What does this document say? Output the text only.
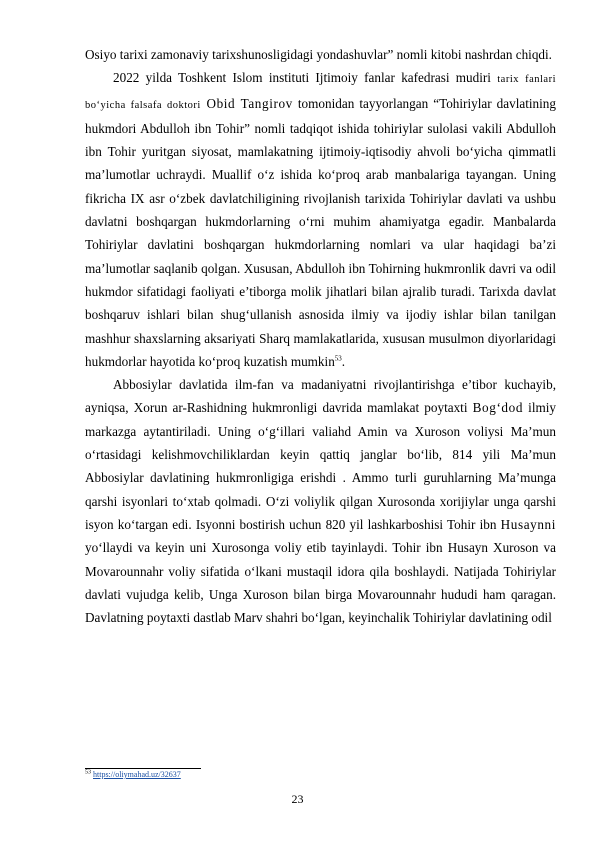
Osiyo tarixi zamonaviy tarixshunosligidagi yondashuvlar” nomli kitobi nashrdan chiqdi.

2022 yilda Toshkent Islom instituti Ijtimoiy fanlar kafedrasi mudiri tarix fanlari bo‘yicha falsafa doktori Obid Tangirov tomonidan tayyorlangan “Tohiriylar davlatining hukmdori Abdulloh ibn Tohir” nomli tadqiqot ishida tohiriylar sulolasi vakili Abdulloh ibn Tohir yuritgan siyosat, mamlakatning ijtimoiy-iqtisodiy ahvoli bo‘yicha qimmatli ma’lumotlar uchraydi. Muallif o‘z ishida ko‘proq arab manbalariga tayangan. Uning fikricha IX asr o‘zbek davlatchiligining rivojlanish tarixida Tohiriylar davlati va ushbu davlatni boshqargan hukmdorlarning o‘rni muhim ahamiyatga egadir. Manbalarda Tohiriylar davlatini boshqargan hukmdorlarning nomlari va ular haqidagi ba’zi ma’lumotlar saqlanib qolgan. Xususan, Abdulloh ibn Tohirning hukmronlik davri va odil hukmdor sifatidagi faoliyati e’tiborga molik jihatlari bilan ajralib turadi. Tarixda davlat boshqaruv ishlari bilan shug‘ullanish asnosida ilmiy va ijodiy ishlar bilan tanilgan mashhur shaxslarning aksariyati Sharq mamlakatlarida, xususan musulmon diyorlaridagi hukmdorlar hayotida ko‘proq kuzatish mumkin$^{53}$.

Abbosiylar davlatida ilm-fan va madaniyatni rivojlantirishga e’tibor kuchayib, ayniqsa, Xorun ar-Rashidning hukmronligi davrida mamlakat poytaxti Bog‘dod ilmiy markazga aytantiriladi. Uning o‘g‘illari valiahd Amin va Xuroson voliysi Ma’mun o‘rtasidagi kelishmovchiliklardan keyin qattiq janglar bo‘lib, 814 yili Ma’mun Abbosiylar davlatining hukmronligiga erishdi . Ammo turli guruhlarning Ma’munga qarshi isyonlari to‘xtab qolmadi. O‘zi voliylik qilgan Xurosonda xorijiylar unga qarshi isyon ko‘targan edi. Isyonni bostirish uchun 820 yil lashkarboshisi Tohir ibn Husaynni yo‘llaydi va keyin uni Xurosonga voliy etib tayinlaydi. Tohir ibn Husayn Xuroson va Movarounnahr voliy sifatida o‘lkani mustaqil idora qila boshlaydi. Natijada Tohiriylar davlati vujudga kelib, Unga Xuroson bilan birga Movarounnahr hududi ham qaragan. Davlatning poytaxti dastlab Marv shahri bo‘lgan, keyinchalik Tohiriylar davlatining odil

$^{53}$ https://oliymahad.uz/32637
23
